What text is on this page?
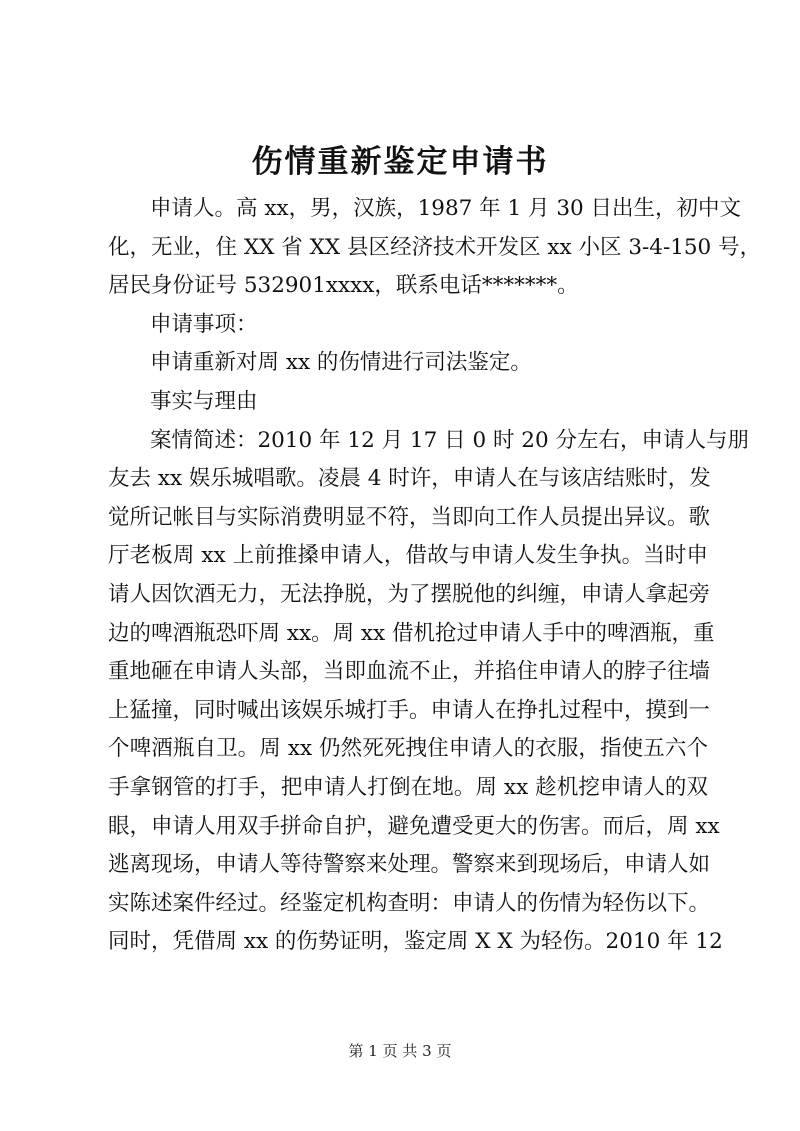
伤情重新鉴定申请书
申请人。高 xx，男，汉族，1987 年 1 月 30 日出生，初中文
化，无业，住 XX 省 XX 县区经济技术开发区 xx 小区 3-4-150 号，
居民身份证号 532901xxxx，联系电话*******。
申请事项：
申请重新对周 xx 的伤情进行司法鉴定。
事实与理由
案情简述：2010 年 12 月 17 日 0 时 20 分左右，申请人与朋
友去 xx 娱乐城唱歌。凌晨 4 时许，申请人在与该店结账时，发
觉所记帐目与实际消费明显不符，当即向工作人员提出异议。歌
厅老板周 xx 上前推搡申请人，借故与申请人发生争执。当时申
请人因饮酒无力，无法挣脱，为了摆脱他的纠缠，申请人拿起旁
边的啤酒瓶恐吓周 xx。周 xx 借机抢过申请人手中的啤酒瓶，重
重地砸在申请人头部，当即血流不止，并掐住申请人的脖子往墙
上猛撞，同时喊出该娱乐城打手。申请人在挣扎过程中，摸到一
个啤酒瓶自卫。周 xx 仍然死死拽住申请人的衣服，指使五六个
手拿钢管的打手，把申请人打倒在地。周 xx 趁机挖申请人的双
眼，申请人用双手拼命自护，避免遭受更大的伤害。而后，周 xx
逃离现场，申请人等待警察来处理。警察来到现场后，申请人如
实陈述案件经过。经鉴定机构查明：申请人的伤情为轻伤以下。
同时，凭借周 xx 的伤势证明，鉴定周 X X 为轻伤。2010 年 12
第 1 页 共 3 页
